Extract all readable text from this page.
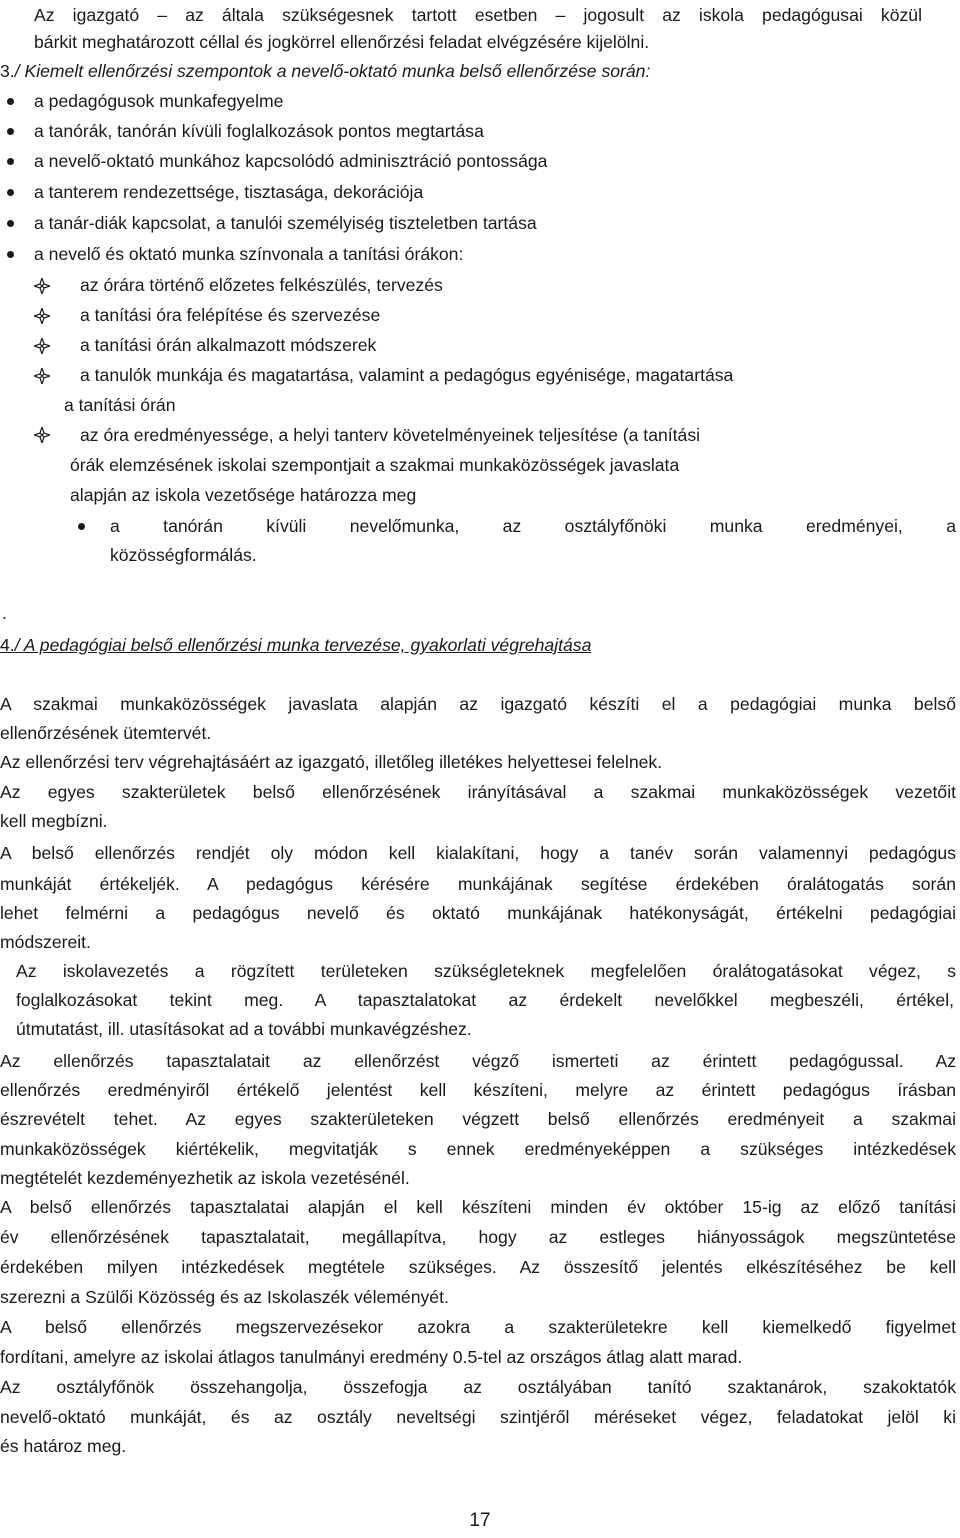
Az igazgató – az általa szükségesnek tartott esetben – jogosult az iskola pedagógusai közül
bárkit meghatározott céllal és jogkörrel ellenőrzési feladat elvégzésére kijelölni.
3./ Kiemelt ellenőrzési szempontok a nevelő-oktató munka belső ellenőrzése során:
a pedagógusok munkafegyelme
a tanórák, tanórán kívüli foglalkozások pontos megtartása
a nevelő-oktató munkához kapcsolódó adminisztráció pontossága
a tanterem rendezettsége, tisztasága, dekorációja
a tanár-diák kapcsolat, a tanulói személyiség tiszteletben tartása
a nevelő és oktató munka színvonala a tanítási órákon:
az órára történő előzetes felkészülés, tervezés
a tanítási óra felépítése és szervezése
a tanítási órán alkalmazott módszerek
a tanulók munkája és magatartása, valamint a pedagógus egyénisége, magatartása
a tanítási órán
az óra eredményessége, a helyi tanterv követelményeinek teljesítése (a tanítási
órák elemzésének iskolai szempontjait a szakmai munkaközösségek javaslata
alapján az iskola vezetősége határozza meg
a tanórán kívüli nevelőmunka, az osztályfőnöki munka eredményei, a
közösségformálás.
.
4./ A pedagógiai belső ellenőrzési munka tervezése, gyakorlati végrehajtása
A szakmai munkaközösségek javaslata alapján az igazgató készíti el a pedagógiai munka belső
ellenőrzésének ütemtervét.
Az ellenőrzési terv végrehajtásáért az igazgató, illetőleg illetékes helyettesei felelnek.
Az egyes szakterületek belső ellenőrzésének irányításával a szakmai munkaközösségek vezetőit
kell megbízni.
A belső ellenőrzés rendjét oly módon kell kialakítani, hogy a tanév során valamennyi pedagógus
munkáját értékeljék. A pedagógus kérésére munkájának segítése érdekében óralátogatás során
lehet felmérni a pedagógus nevelő és oktató munkájának hatékonyságát, értékelni pedagógiai
módszereit.
Az iskolavezetés a rögzített területeken szükségleteknek megfelelően óralátogatásokat végez, s
foglalkozásokat tekint meg. A tapasztalatokat az érdekelt nevelőkkel megbeszéli, értékel,
útmutatást, ill. utasításokat ad a további munkavégzéshez.
Az ellenőrzés tapasztalatait az ellenőrzést végző ismerteti az érintett pedagógussal. Az
ellenőrzés eredményiről értékelő jelentést kell készíteni, melyre az érintett pedagógus írásban
észrevételt tehet. Az egyes szakterületeken végzett belső ellenőrzés eredményeit a szakmai
munkaközösségek kiértékelik, megvitatják s ennek eredményeképpen a szükséges intézkedések
megtételét kezdeményezhetik az iskola vezetésénél.
A belső ellenőrzés tapasztalatai alapján el kell készíteni minden év október 15-ig az előző tanítási
év ellenőrzésének tapasztalatait, megállapítva, hogy az estleges hiányosságok megszüntetése
érdekében milyen intézkedések megtétele szükséges. Az összesítő jelentés elkészítéséhez be kell
szerezni a Szülői Közösség és az Iskolaszék véleményét.
A belső ellenőrzés megszervezésekor azokra a szakterületekre kell kiemelkedő figyelmet
fordítani, amelyre az iskolai átlagos tanulmányi eredmény 0.5-tel az országos átlag alatt marad.
Az osztályfőnök összehangolja, összefogja az osztályában tanító szaktanárok, szakoktatók
nevelő-oktató munkáját, és az osztály neveltségi szintjéről méréseket végez, feladatokat jelöl ki
és határoz meg.
17
